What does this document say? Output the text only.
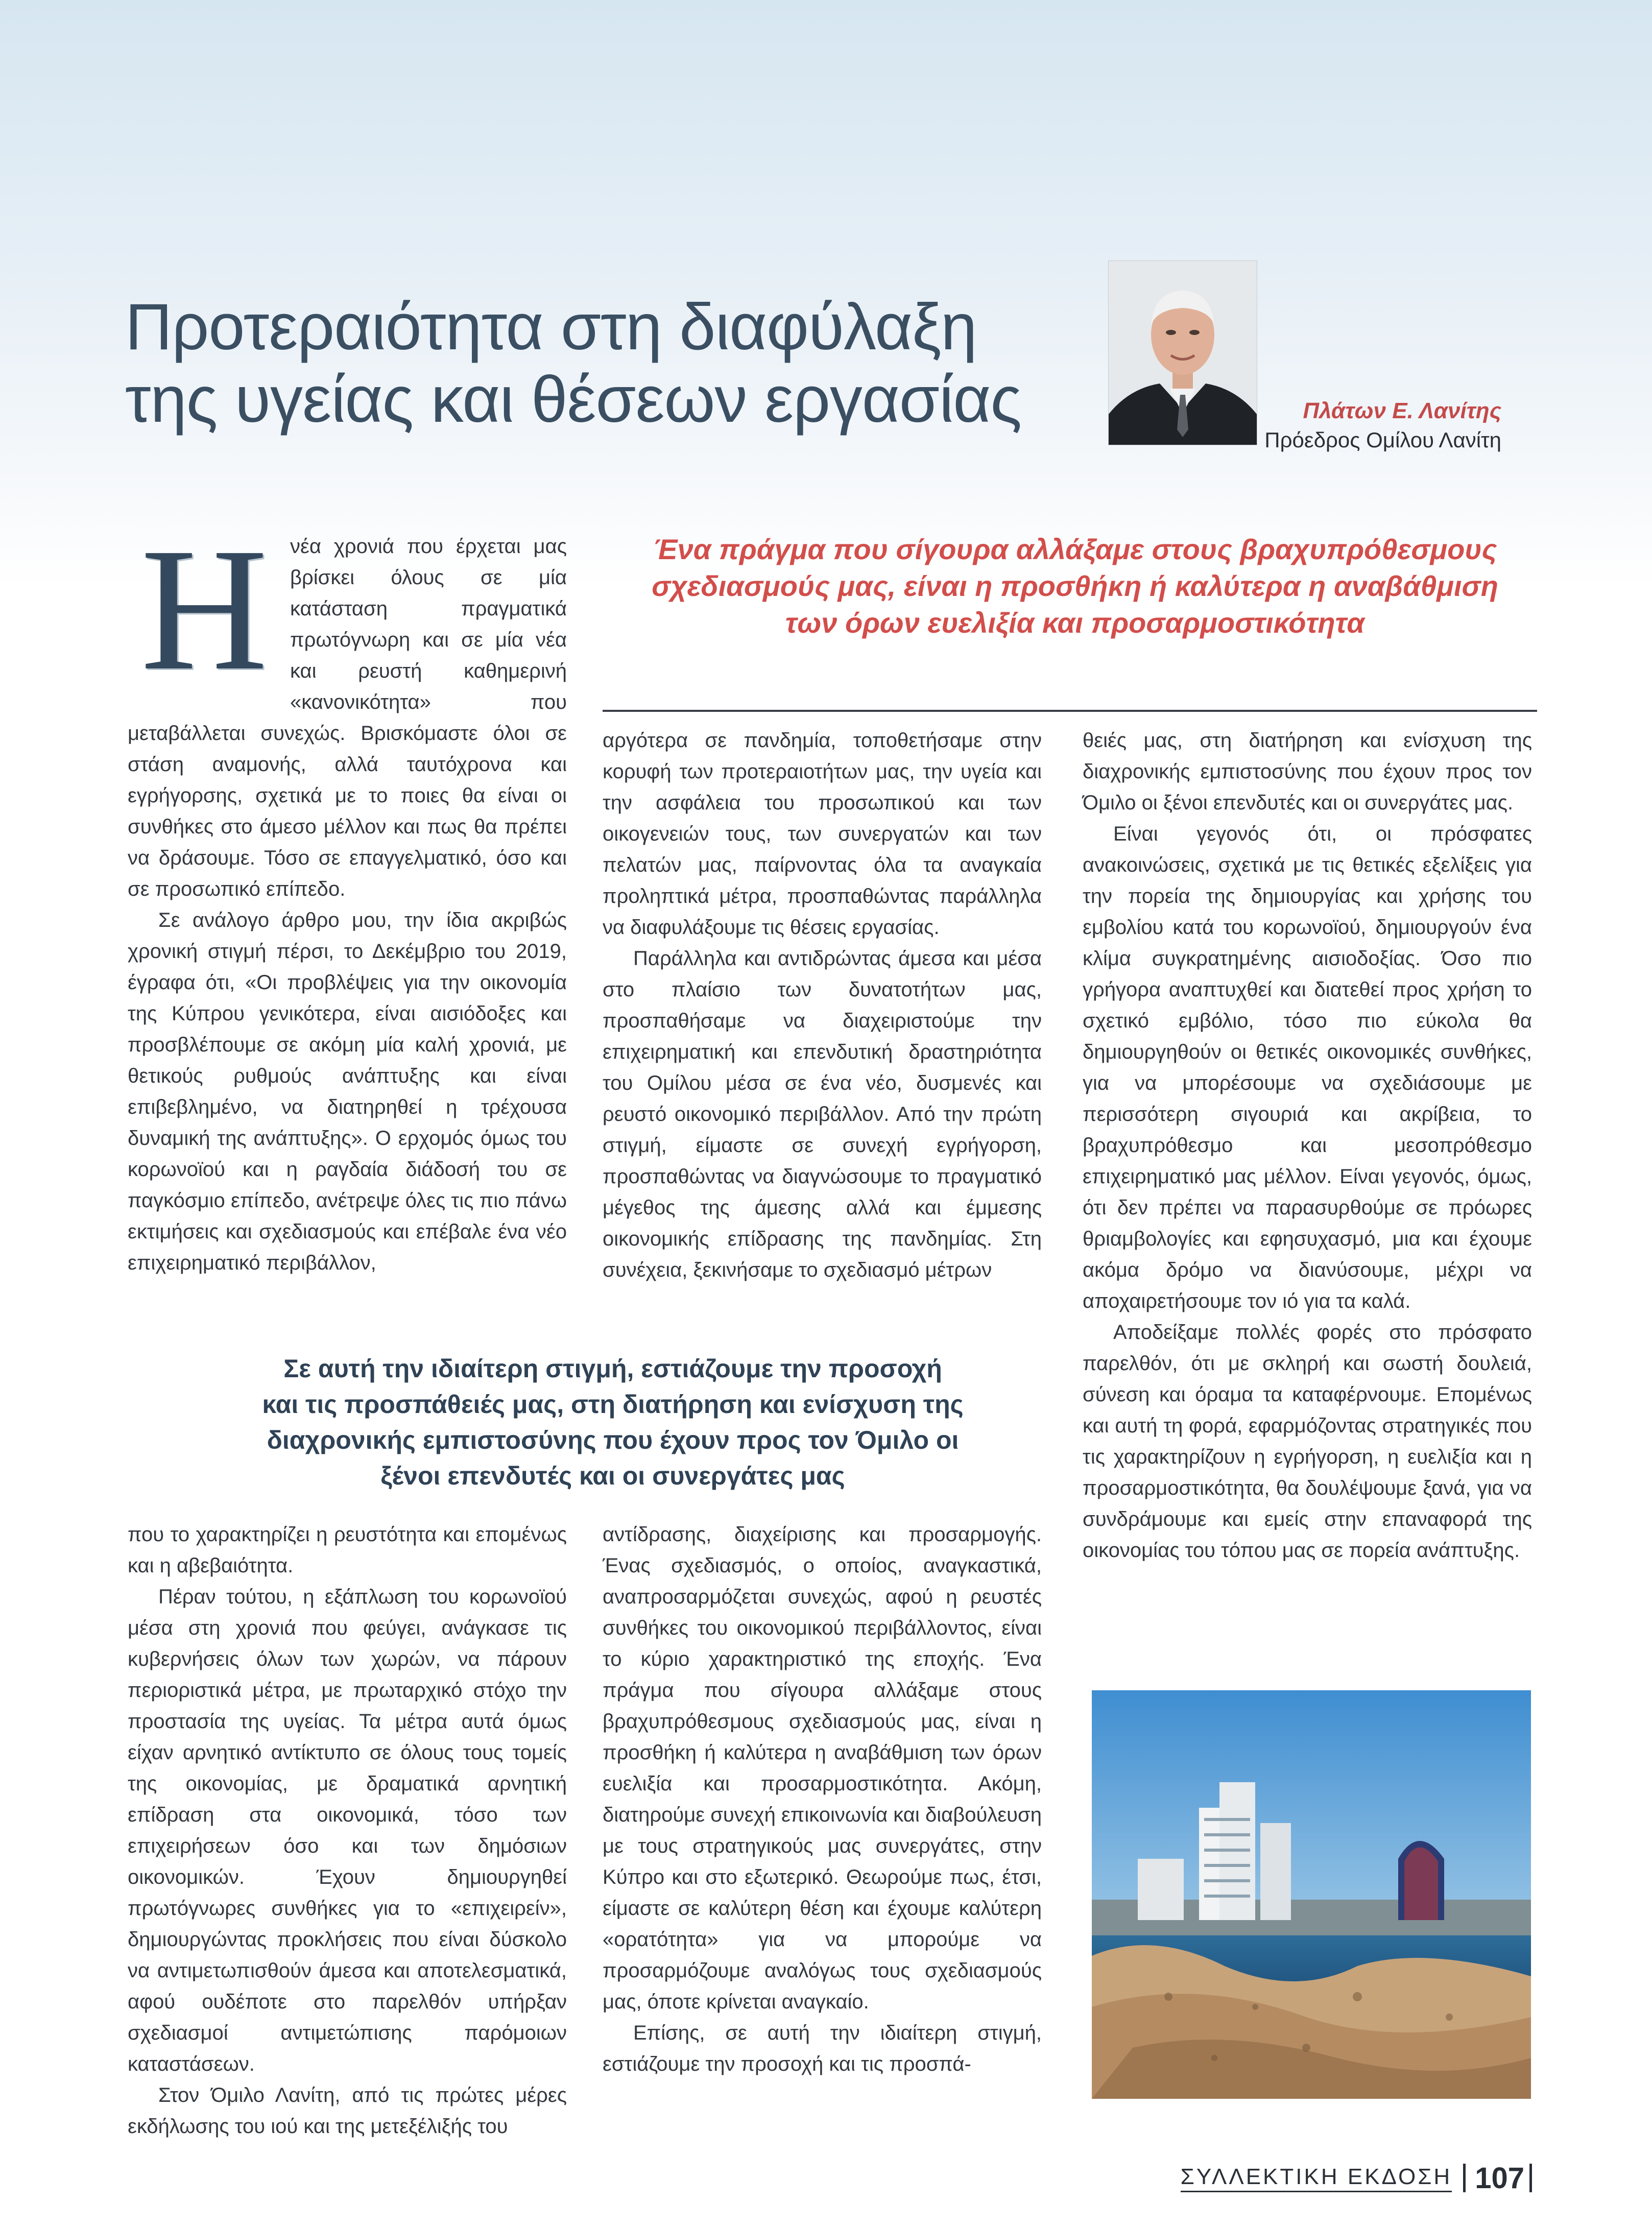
Προτεραιότητα στη διαφύλαξη
της υγείας και θέσεων εργασίας	Πλάτων Ε. Λανίτης
Πρόεδρος Ομίλου Λανίτη
Η	νέα χρονιά που έρχεται μας βρίσκει όλους σε μία κατάσταση πραγματικά πρωτόγνωρη και σε μία νέα και ρευστή καθημερινή «κανονικότητα» που μεταβάλλεται συνεχώς. Βρισκόμαστε όλοι σε στάση αναμονής, αλλά ταυτόχρονα και εγρήγορσης, σχετικά με το ποιες θα είναι οι συνθήκες στο άμεσο μέλλον και πως θα πρέπει να δράσουμε. Τόσο σε επαγγελματικό, όσο και σε προσωπικό επίπεδο.

Σε ανάλογο άρθρο μου, την ίδια ακριβώς χρονική στιγμή πέρσι, το Δεκέμβριο του 2019, έγραφα ότι, «Οι προβλέψεις για την οικονομία της Κύπρου γενικότερα, είναι αισιόδοξες και προσβλέπουμε σε ακόμη μία καλή χρονιά, με θετικούς ρυθμούς ανάπτυξης και είναι επιβεβλημένο, να διατηρηθεί η τρέχουσα δυναμική της ανάπτυξης». Ο ερχομός όμως του κορωνοϊού και η ραγδαία διάδοσή του σε παγκόσμιο επίπεδο, ανέτρεψε όλες τις πιο πάνω εκτιμήσεις και σχεδιασμούς και επέβαλε ένα νέο επιχειρηματικό περιβάλλον,

Ένα πράγμα που σίγουρα αλλάξαμε στους βραχυπρόθεσμους
σχεδιασμούς μας, είναι η προσθήκη ή καλύτερα η αναβάθμιση
των όρων ευελιξία και προσαρμοστικότητα

αργότερα σε πανδημία, τοποθετήσαμε στην κορυφή των προτεραιοτήτων μας, την υγεία και την ασφάλεια του προσωπικού και των οικογενειών τους, των συνεργατών και των πελατών μας, παίρνοντας όλα τα αναγκαία προληπτικά μέτρα, προσπαθώντας παράλληλα να διαφυλάξουμε τις θέσεις εργασίας.

Παράλληλα και αντιδρώντας άμεσα και μέσα στο πλαίσιο των δυνατοτήτων μας, προσπαθήσαμε να διαχειριστούμε την επιχειρηματική και επενδυτική δραστηριότητα του Ομίλου μέσα σε ένα νέο, δυσμενές και ρευστό οικονομικό περιβάλλον. Από την πρώτη στιγμή, είμαστε σε συνεχή εγρήγορση, προσπαθώντας να διαγνώσουμε το πραγματικό μέγεθος της άμεσης αλλά και έμμεσης οικονομικής επίδρασης της πανδημίας. Στη συνέχεια, ξεκινήσαμε το σχεδιασμό μέτρων

θειές μας, στη διατήρηση και ενίσχυση της διαχρονικής εμπιστοσύνης που έχουν προς τον Όμιλο οι ξένοι επενδυτές και οι συνεργάτες μας.

Είναι γεγονός ότι, οι πρόσφατες ανακοινώσεις, σχετικά με τις θετικές εξελίξεις για την πορεία της δημιουργίας και χρήσης του εμβολίου κατά του κορωνοϊού, δημιουργούν ένα κλίμα συγκρατημένης αισιοδοξίας. Όσο πιο γρήγορα αναπτυχθεί και διατεθεί προς χρήση το σχετικό εμβόλιο, τόσο πιο εύκολα θα δημιουργηθούν οι θετικές οικονομικές συνθήκες, για να μπορέσουμε να σχεδιάσουμε με περισσότερη σιγουριά και ακρίβεια, το βραχυπρόθεσμο και μεσοπρόθεσμο επιχειρηματικό μας μέλλον. Είναι γεγονός, όμως, ότι δεν πρέπει να παρασυρθούμε σε πρόωρες θριαμβολογίες και εφησυχασμό, μια και έχουμε ακόμα δρόμο να διανύσουμε, μέχρι να αποχαιρετήσουμε τον ιό για τα καλά.

Αποδείξαμε πολλές φορές στο πρόσφατο παρελθόν, ότι με σκληρή και σωστή δουλειά, σύνεση και όραμα τα καταφέρνουμε. Επομένως και αυτή τη φορά, εφαρμόζοντας στρατηγικές που τις χαρακτηρίζουν η εγρήγορση, η ευελιξία και η προσαρμοστικότητα, θα δουλέψουμε ξανά, για να συνδράμουμε και εμείς στην επαναφορά της οικονομίας του τόπου μας σε πορεία ανάπτυξης.

Σε αυτή την ιδιαίτερη στιγμή, εστιάζουμε την προσοχή
και τις προσπάθειές μας, στη διατήρηση και ενίσχυση της
διαχρονικής εμπιστοσύνης που έχουν προς τον Όμιλο οι
ξένοι επενδυτές και οι συνεργάτες μας

που το χαρακτηρίζει η ρευστότητα και επομένως και η αβεβαιότητα.

Πέραν τούτου, η εξάπλωση του κορωνοϊού μέσα στη χρονιά που φεύγει, ανάγκασε τις κυβερνήσεις όλων των χωρών, να πάρουν περιοριστικά μέτρα, με πρωταρχικό στόχο την προστασία της υγείας. Τα μέτρα αυτά όμως είχαν αρνητικό αντίκτυπο σε όλους τους τομείς της οικονομίας, με δραματικά αρνητική επίδραση στα οικονομικά, τόσο των επιχειρήσεων όσο και των δημόσιων οικονομικών. Έχουν δημιουργηθεί πρωτόγνωρες συνθήκες για το «επιχειρείν», δημιουργώντας προκλήσεις που είναι δύσκολο να αντιμετωπισθούν άμεσα και αποτελεσματικά, αφού ουδέποτε στο παρελθόν υπήρξαν σχεδιασμοί αντιμετώπισης παρόμοιων καταστάσεων.

Στον Όμιλο Λανίτη, από τις πρώτες μέρες εκδήλωσης του ιού και της μετεξέλιξής του

αντίδρασης, διαχείρισης και προσαρμογής. Ένας σχεδιασμός, ο οποίος, αναγκαστικά, αναπροσαρμόζεται συνεχώς, αφού η ρευστές συνθήκες του οικονομικού περιβάλλοντος, είναι το κύριο χαρακτηριστικό της εποχής. Ένα πράγμα που σίγουρα αλλάξαμε στους βραχυπρόθεσμους σχεδιασμούς μας, είναι η προσθήκη ή καλύτερα η αναβάθμιση των όρων ευελιξία και προσαρμοστικότητα. Ακόμη, διατηρούμε συνεχή επικοινωνία και διαβούλευση με τους στρατηγικούς μας συνεργάτες, στην Κύπρο και στο εξωτερικό. Θεωρούμε πως, έτσι, είμαστε σε καλύτερη θέση και έχουμε καλύτερη «ορατότητα» για να μπορούμε να προσαρμόζουμε αναλόγως τους σχεδιασμούς μας, όποτε κρίνεται αναγκαίο.

Επίσης, σε αυτή την ιδιαίτερη στιγμή, εστιάζουμε την προσοχή και τις προσπά-

ΣΥΛΛΕΚΤΙΚΗ ΕΚΔΟΣΗ 107
